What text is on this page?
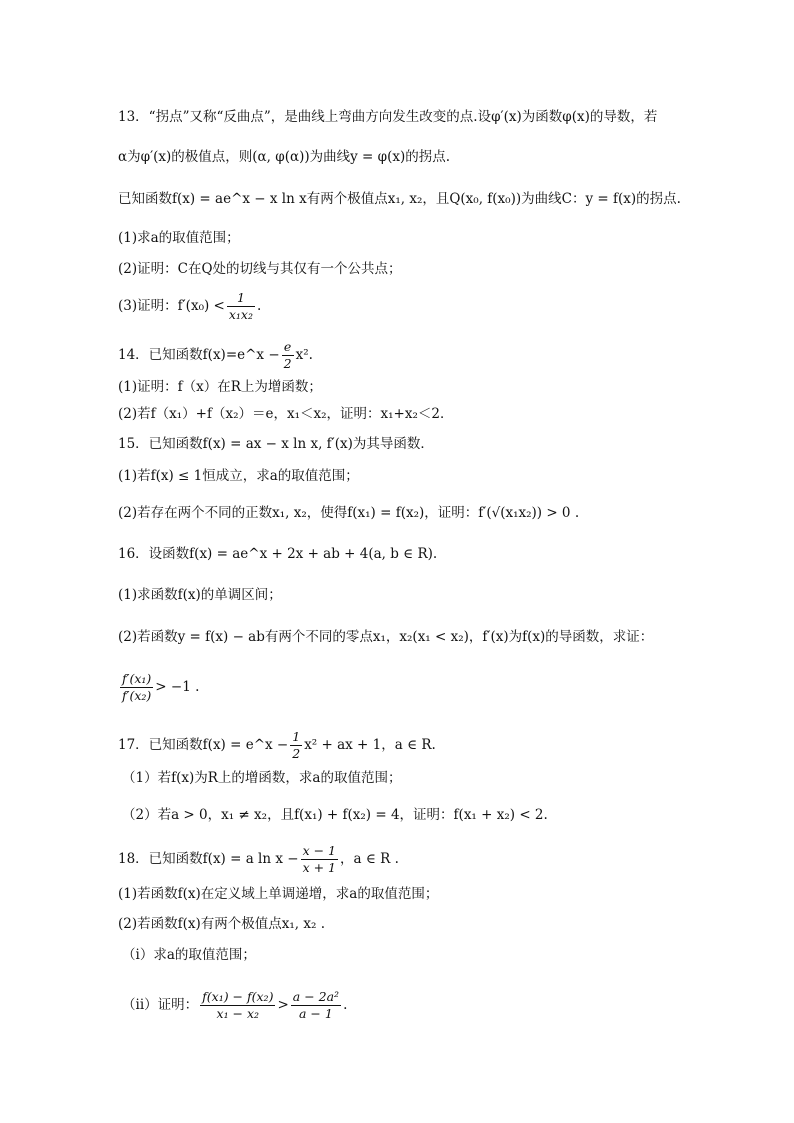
13．“拐点”又称“反曲点”，是曲线上弯曲方向发生改变的点.设φ′(x)为函数φ(x)的导数，若
α为φ′(x)的极值点，则(α, φ(α))为曲线y = φ(x)的拐点.
已知函数f(x) = ae^x − x ln x有两个极值点x₁, x₂，且Q(x₀, f(x₀))为曲线C：y = f(x)的拐点.
(1)求a的取值范围；
(2)证明：C在Q处的切线与其仅有一个公共点；
(3)证明：$f'(x_0) < \frac{1}{\text{x₁x₂}}$ .
14．已知函数f(x)=e^x − $\frac{e}{2} x^2$.
(1)证明：f（x）在R上为增函数；
(2)若f（x₁）+f（x₂）＝e，x₁＜x₂，证明：x₁+x₂＜2．
15．已知函数f(x) = ax − x ln x, f′(x)为其导函数．
(1)若f(x) ≤ 1恒成立，求a的取值范围；
(2)若存在两个不同的正数x₁, x₂，使得f(x₁) = f(x₂)，证明：f′(√(x₁x₂)) > 0 .
16．设函数f(x) = ae^x + 2x + ab + 4(a, b ∈ R).
(1)求函数f(x)的单调区间；
(2)若函数y = f(x) − ab有两个不同的零点x₁，x₂(x₁ < x₂)，f′(x)为f(x)的导函数，求证：
$\frac{\text{f′(x₁)}}{\text{f′(x₂)}} > -1$ .
17．已知函数f(x) = e^x − $\frac{1}{2} x^2$ + ax + 1，a ∈ R.
（1）若f(x)为R上的增函数，求a的取值范围；
（2）若a > 0，x₁ ≠ x₂，且f(x₁) + f(x₂) = 4，证明：f(x₁ + x₂) < 2.
18．已知函数f(x) = a $\ln x - \frac{x - 1}{x + 1}$ ，a ∈ R .
(1)若函数f(x)在定义域上单调递增，求a的取值范围；
(2)若函数f(x)有两个极值点x₁, x₂ .
（i）求a的取值范围；
（ii）证明： $\frac{\text{f(x₁) − f(x₂)}}{\text{x₁ − x₂}} > \frac{\text{a − 2a²}}{a - 1}$ .
